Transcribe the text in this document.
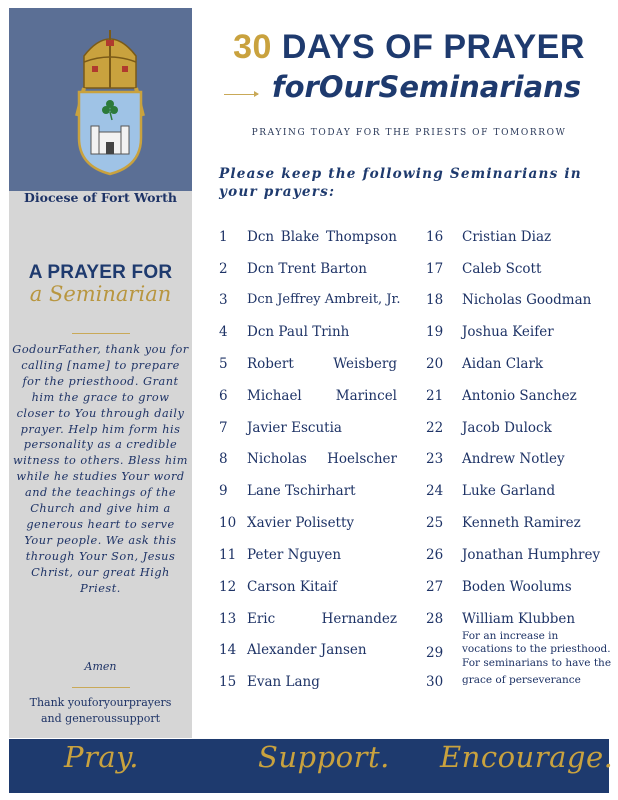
Diocese of Fort Worth
A PRAYER FOR
a Seminarian
GodourFather, thank you for calling [name] to prepare for the priesthood. Grant him the grace to grow closer to You through daily prayer. Help him form his personality as a credible witness to others. Bless him while he studies Your word and the teachings of the Church and give him a generous heart to serve Your people. We ask this through Your Son, Jesus Christ, our great High Priest.
Amen
Thank youforyourprayers
and generoussupport
30 DAYS OF PRAYER
forOurSeminarians
PRAYING TODAY FOR THE PRIESTS OF TOMORROW
Please keep the following Seminarians in your prayers:
1 Dcn Blake Thompson
2 Dcn Trent Barton
3 Dcn Jeffrey Ambreit, Jr.
4 Dcn Paul Trinh
5 Robert Weisberg
6 Michael Marincel
7 Javier Escutia
8 Nicholas Hoelscher
9 Lane Tschirhart
10 Xavier Polisetty
11 Peter Nguyen
12 Carson Kitaif
13 Eric Hernandez
14 Alexander Jansen
15 Evan Lang
16 Cristian Diaz
17 Caleb Scott
18 Nicholas Goodman
19 Joshua Keifer
20 Aidan Clark
21 Antonio Sanchez
22 Jacob Dulock
23 Andrew Notley
24 Luke Garland
25 Kenneth Ramirez
26 Jonathan Humphrey
27 Boden Woolums
28 William Klubben
29
For an increase in vocations to the priesthood.
30
For seminarians to have the grace of perseverance
Pray.	Support. Encourage.
